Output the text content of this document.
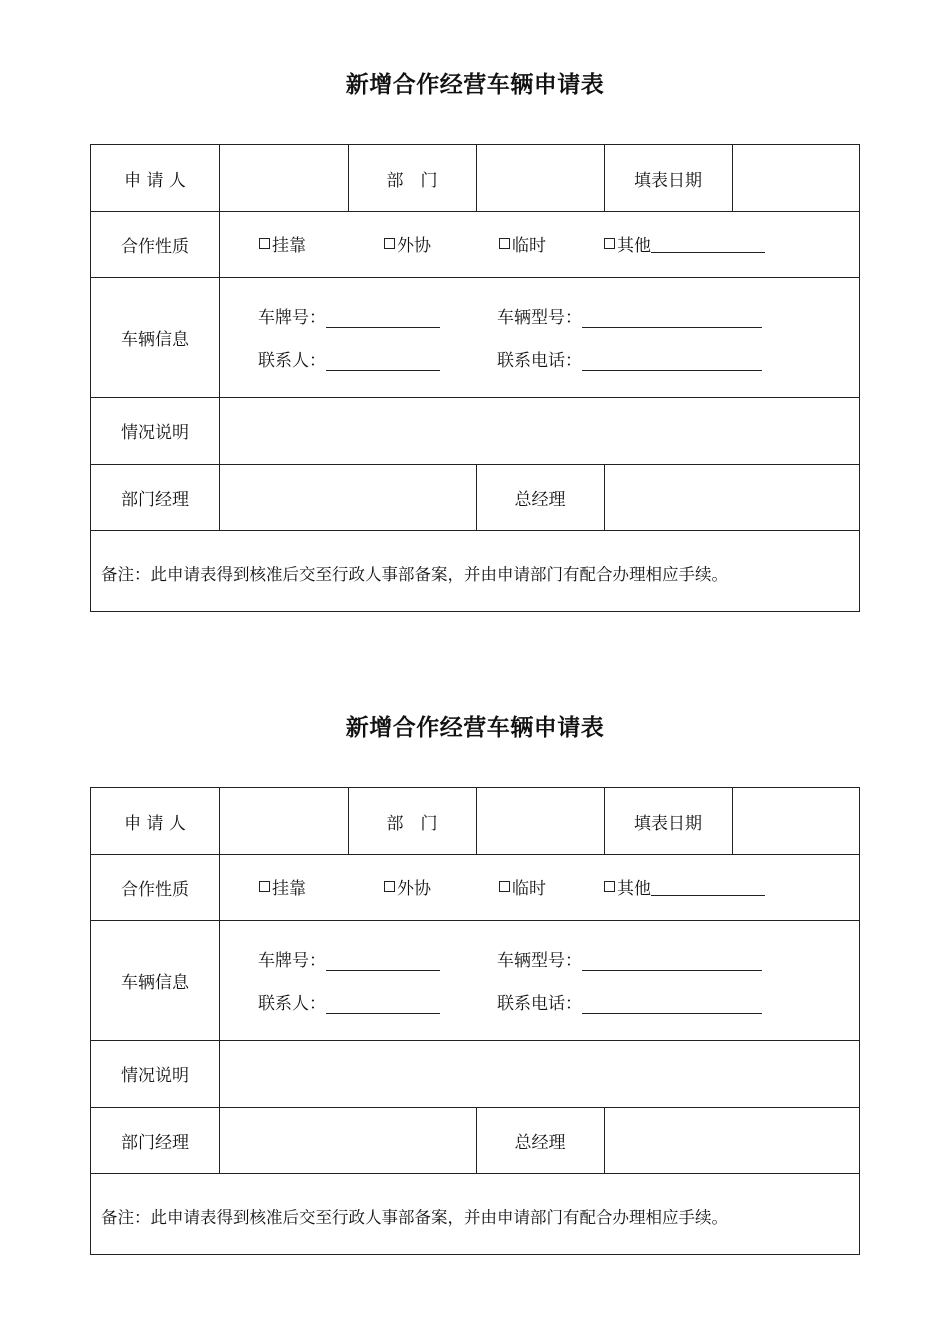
新增合作经营车辆申请表
申 请 人	部　门	填表日期
合作性质	挂靠	外协	临时	其他
车辆信息
车牌号：	车辆型号：
联系人：	联系电话：
情况说明
部门经理	总经理
备注：此申请表得到核准后交至行政人事部备案，并由申请部门有配合办理相应手续。
新增合作经营车辆申请表
申 请 人	部　门	填表日期
合作性质	挂靠	外协	临时	其他
车辆信息
车牌号：	车辆型号：
联系人：	联系电话：
情况说明
部门经理	总经理
备注：此申请表得到核准后交至行政人事部备案，并由申请部门有配合办理相应手续。
